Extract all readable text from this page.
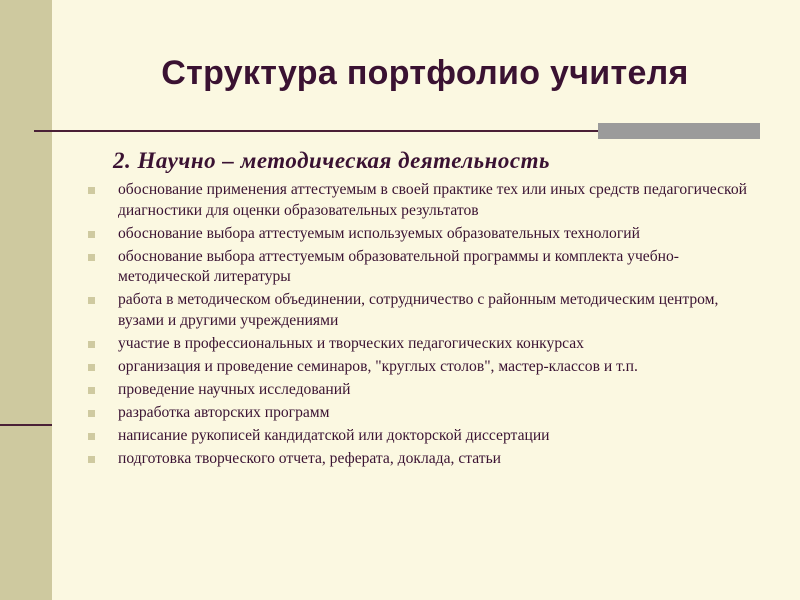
Структура портфолио учителя
2. Научно – методическая деятельность
обоснование применения аттестуемым в своей практике тех или иных средств педагогической диагностики для оценки образовательных результатов
обоснование выбора аттестуемым используемых образовательных технологий
обоснование выбора аттестуемым образовательной программы и комплекта учебно-методической литературы
работа в методическом объединении, сотрудничество с районным методическим центром, вузами и другими учреждениями
участие в профессиональных и творческих педагогических конкурсах
организация и проведение семинаров, "круглых столов", мастер-классов и т.п.
проведение научных исследований
разработка авторских программ
написание рукописей кандидатской или докторской диссертации
подготовка творческого отчета, реферата, доклада, статьи
